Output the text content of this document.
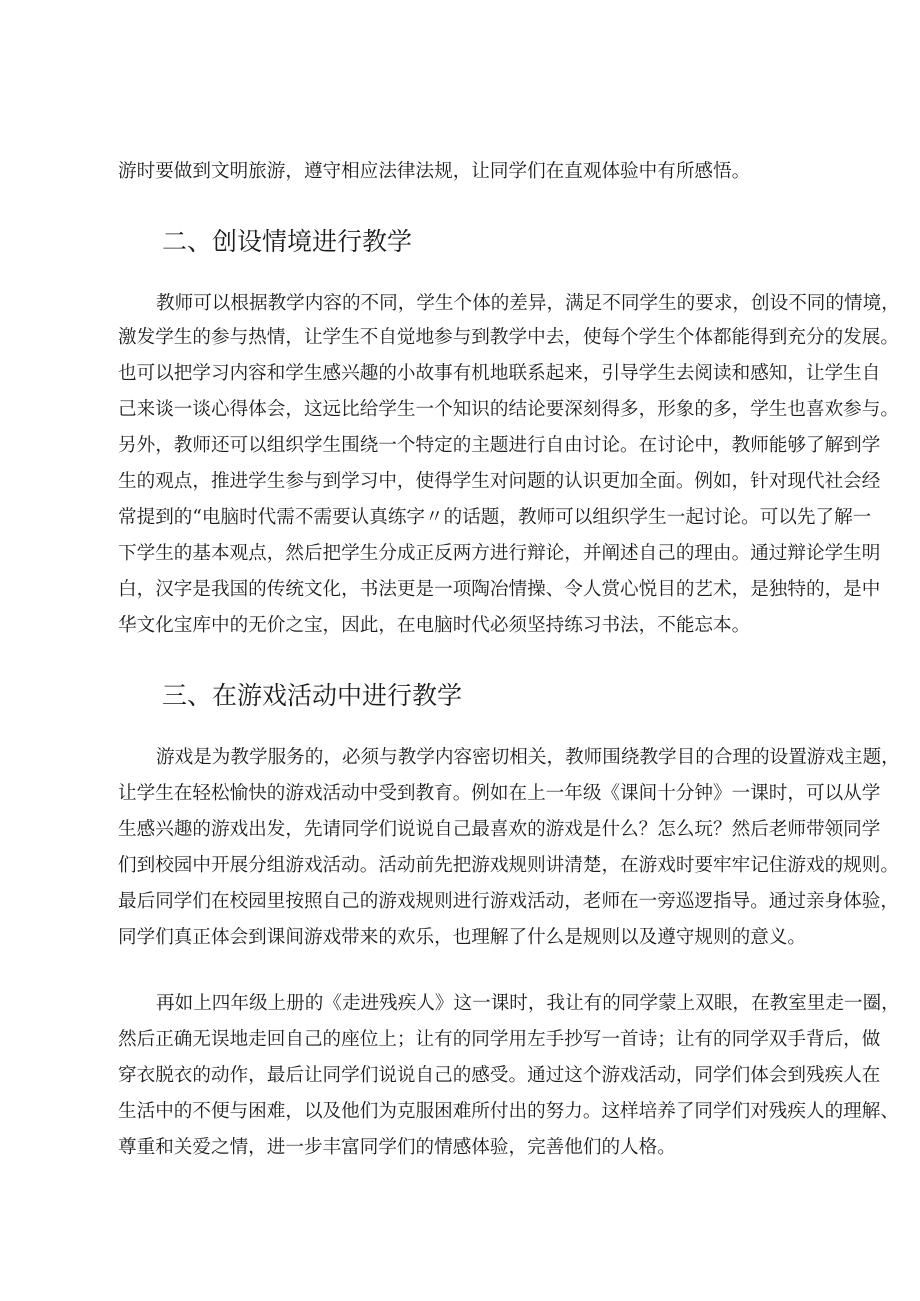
游时要做到文明旅游，遵守相应法律法规，让同学们在直观体验中有所感悟。
二、创设情境进行教学
教师可以根据教学内容的不同，学生个体的差异，满足不同学生的要求，创设不同的情境，
激发学生的参与热情，让学生不自觉地参与到教学中去，使每个学生个体都能得到充分的发展。
也可以把学习内容和学生感兴趣的小故事有机地联系起来，引导学生去阅读和感知，让学生自
己来谈一谈心得体会，这远比给学生一个知识的结论要深刻得多，形象的多，学生也喜欢参与。
另外，教师还可以组织学生围绕一个特定的主题进行自由讨论。在讨论中，教师能够了解到学
生的观点，推进学生参与到学习中，使得学生对问题的认识更加全面。例如，针对现代社会经
常提到的“电脑时代需不需要认真练字〃的话题，教师可以组织学生一起讨论。可以先了解一
下学生的基本观点，然后把学生分成正反两方进行辩论，并阐述自己的理由。通过辩论学生明
白，汉字是我国的传统文化，书法更是一项陶冶情操、令人赏心悦目的艺术，是独特的，是中
华文化宝库中的无价之宝，因此，在电脑时代必须坚持练习书法，不能忘本。
三、在游戏活动中进行教学
游戏是为教学服务的，必须与教学内容密切相关，教师围绕教学目的合理的设置游戏主题，
让学生在轻松愉快的游戏活动中受到教育。例如在上一年级《课间十分钟》一课时，可以从学
生感兴趣的游戏出发，先请同学们说说自己最喜欢的游戏是什么？怎么玩？然后老师带领同学
们到校园中开展分组游戏活动。活动前先把游戏规则讲清楚，在游戏时要牢牢记住游戏的规则。
最后同学们在校园里按照自己的游戏规则进行游戏活动，老师在一旁巡逻指导。通过亲身体验，
同学们真正体会到课间游戏带来的欢乐，也理解了什么是规则以及遵守规则的意义。
再如上四年级上册的《走进残疾人》这一课时，我让有的同学蒙上双眼，在教室里走一圈，
然后正确无误地走回自己的座位上；让有的同学用左手抄写一首诗；让有的同学双手背后，做
穿衣脱衣的动作，最后让同学们说说自己的感受。通过这个游戏活动，同学们体会到残疾人在
生活中的不便与困难，以及他们为克服困难所付出的努力。这样培养了同学们对残疾人的理解、
尊重和关爱之情，进一步丰富同学们的情感体验，完善他们的人格。
